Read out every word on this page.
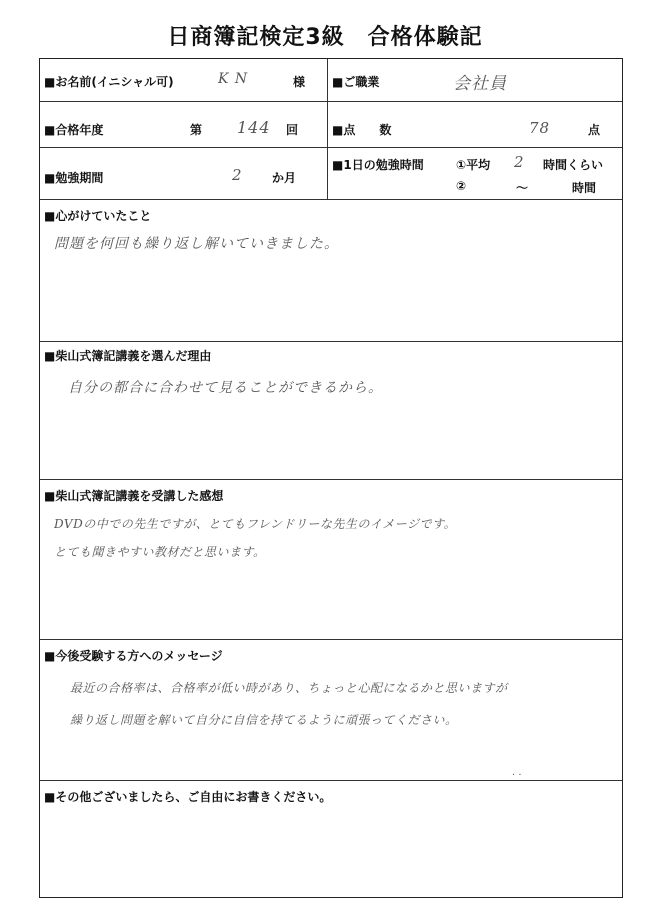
日商簿記検定3級　合格体験記
■お名前(イニシャル可)	K N	様 ■ご職業	会社員
■合格年度	第 144 回	■点　　数	78	点
■勉強期間	2 か月
■1日の勉強時間	①平均 2 時間くらい
②	～	時間
■心がけていたこと
問題を何回も繰り返し解いていきました。
■柴山式簿記講義を選んだ理由
自分の都合に合わせて見ることができるから。
■柴山式簿記講義を受講した感想
DVDの中での先生ですが、とてもフレンドリーな先生のイメージです。
とても聞きやすい教材だと思います。
■今後受験する方へのメッセージ
最近の合格率は、合格率が低い時があり、ちょっと心配になるかと思いますが
繰り返し問題を解いて自分に自信を持てるように頑張ってください。
. .
■その他ございましたら、ご自由にお書きください。
